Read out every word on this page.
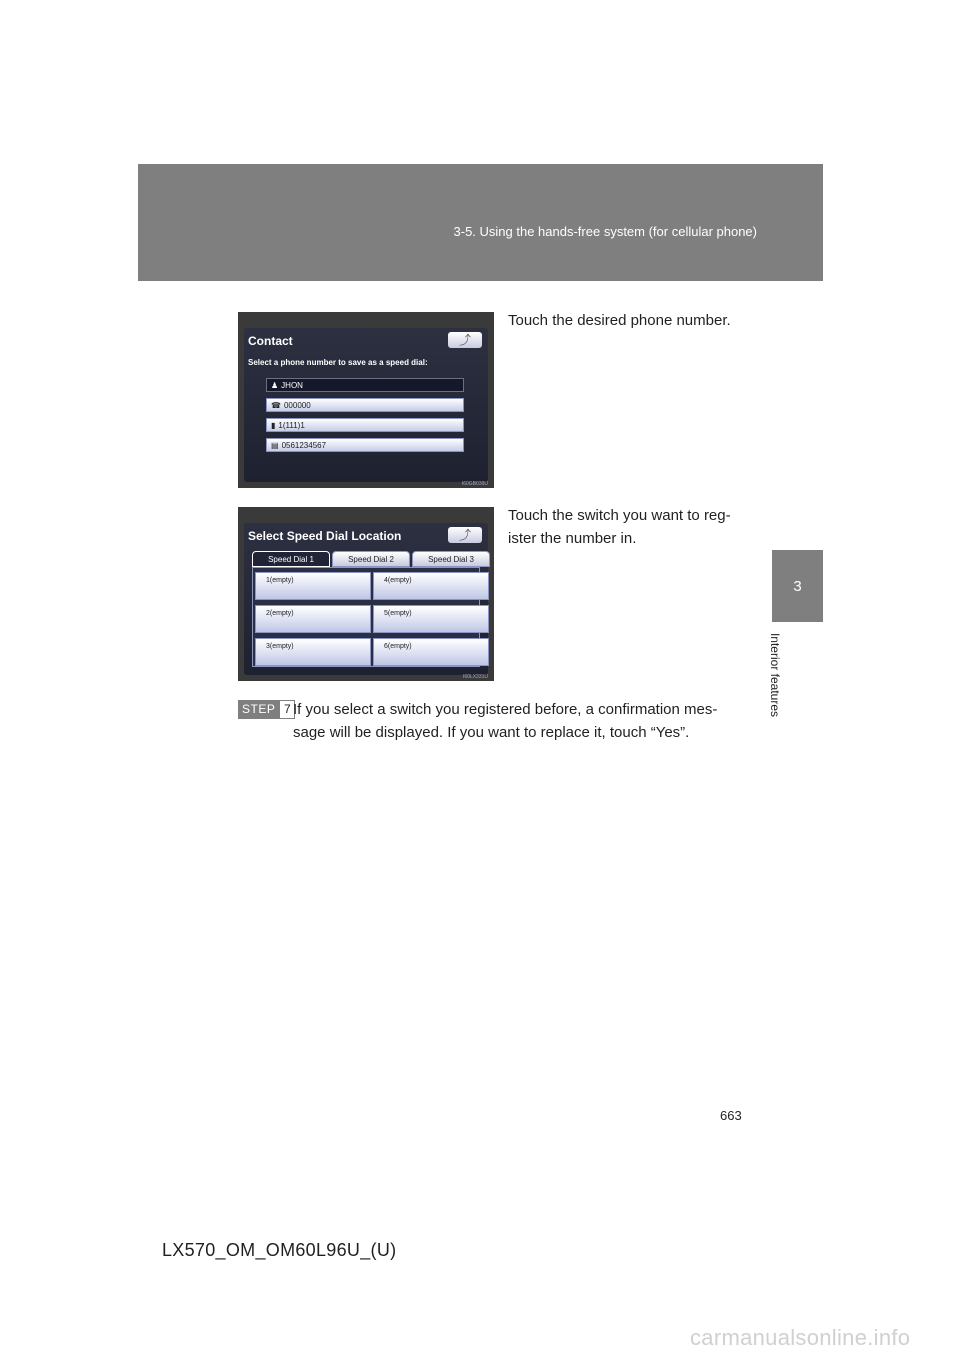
3-5. Using the hands-free system (for cellular phone)
3
Interior features
Contact	⤴
Select a phone number to save as a speed dial:
♟ JHON
☎ 000000
▮ 1(111)1
▤ 0561234567
I60GB039U
Touch the desired phone number.
Select Speed Dial Location	⤴
Speed Dial 1	Speed Dial 2	Speed Dial 3
1(empty)	4(empty)
2(empty)	5(empty)
3(empty)	6(empty)
I60LX331U
Touch the switch you want to reg-
ister the number in.
STEP 7 If you select a switch you registered before, a confirmation mes-
sage will be displayed. If you want to replace it, touch “Yes”.
663
LX570_OM_OM60L96U_(U)
carmanualsonline.info
